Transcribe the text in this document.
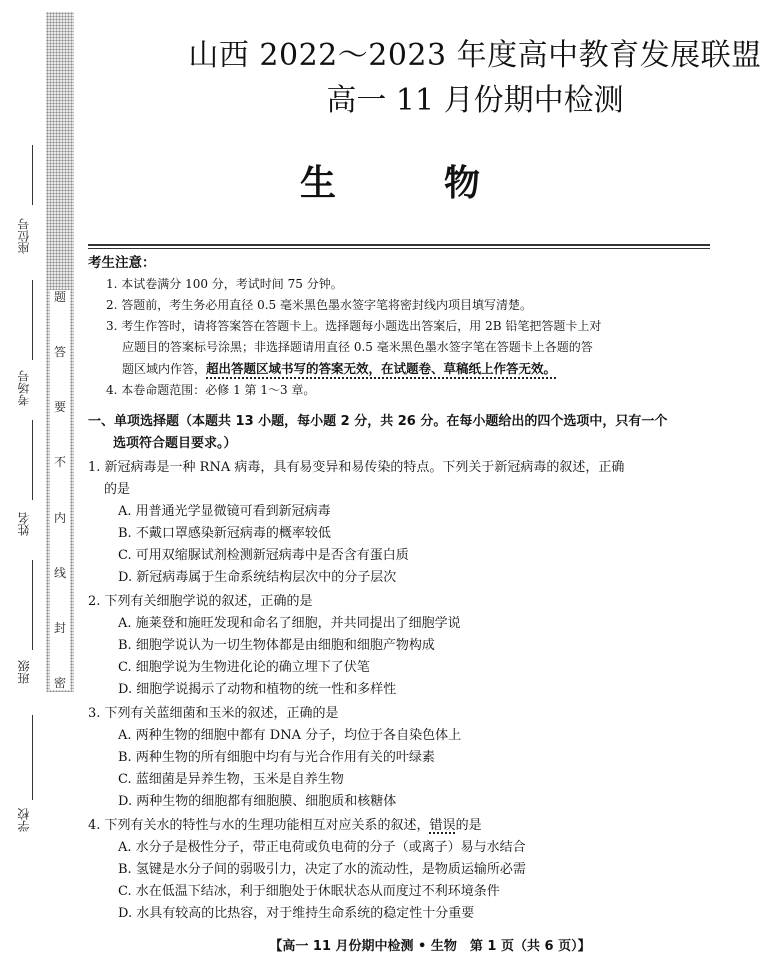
题
答
要
不
内
线
封
密
座位号
考场号
姓名
班级
学校
山西 2022～2023 年度高中教育发展联盟
高一 11 月份期中检测
生	物

考生注意：

1. 本试卷满分 100 分，考试时间 75 分钟。

2. 答题前，考生务必用直径 0.5 毫米黑色墨水签字笔将密封线内项目填写清楚。

3. 考生作答时，请将答案答在答题卡上。选择题每小题选出答案后，用 2B 铅笔把答题卡上对
应题目的答案标号涂黑；非选择题请用直径 0.5 毫米黑色墨水签字笔在答题卡上各题的答
题区域内作答，超出答题区域书写的答案无效，在试题卷、草稿纸上作答无效。

4. 本卷命题范围：必修 1 第 1～3 章。

一、单项选择题（本题共 13 小题，每小题 2 分，共 26 分。在每小题给出的四个选项中，只有一个
选项符合题目要求。）

1. 新冠病毒是一种 RNA 病毒，具有易变异和易传染的特点。下列关于新冠病毒的叙述，正确
的是

A. 用普通光学显微镜可看到新冠病毒

B. 不戴口罩感染新冠病毒的概率较低

C. 可用双缩脲试剂检测新冠病毒中是否含有蛋白质

D. 新冠病毒属于生命系统结构层次中的分子层次

2. 下列有关细胞学说的叙述，正确的是

A. 施莱登和施旺发现和命名了细胞，并共同提出了细胞学说

B. 细胞学说认为一切生物体都是由细胞和细胞产物构成

C. 细胞学说为生物进化论的确立埋下了伏笔

D. 细胞学说揭示了动物和植物的统一性和多样性

3. 下列有关蓝细菌和玉米的叙述，正确的是

A. 两种生物的细胞中都有 DNA 分子，均位于各自染色体上

B. 两种生物的所有细胞中均有与光合作用有关的叶绿素

C. 蓝细菌是异养生物，玉米是自养生物

D. 两种生物的细胞都有细胞膜、细胞质和核糖体

4. 下列有关水的特性与水的生理功能相互对应关系的叙述，错误的是

A. 水分子是极性分子，带正电荷或负电荷的分子（或离子）易与水结合

B. 氢键是水分子间的弱吸引力，决定了水的流动性，是物质运输所必需

C. 水在低温下结冰，利于细胞处于休眠状态从而度过不利环境条件

D. 水具有较高的比热容，对于维持生命系统的稳定性十分重要

【高一 11 月份期中检测 • 生物　第 1 页（共 6 页）】
